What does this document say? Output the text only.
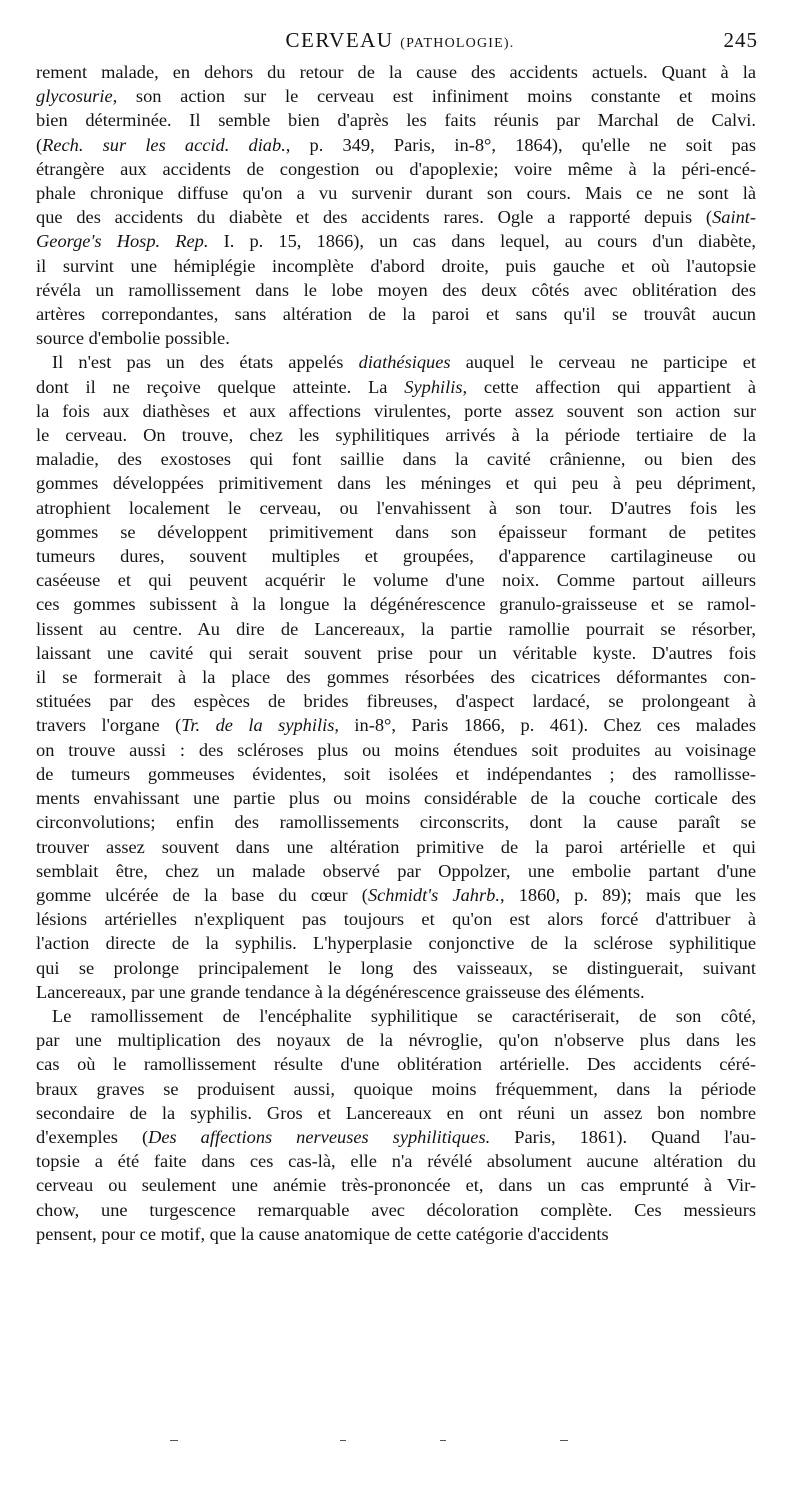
CERVEAU (PATHOLOGIE).	245
rement malade, en dehors du retour de la cause des accidents actuels. Quant à la
glycosurie, son action sur le cerveau est infiniment moins constante et moins
bien déterminée. Il semble bien d'après les faits réunis par Marchal de Calvi.
(Rech. sur les accid. diab., p. 349, Paris, in-8°, 1864), qu'elle ne soit pas
étrangère aux accidents de congestion ou d'apoplexie; voire même à la péri-encé-
phale chronique diffuse qu'on a vu survenir durant son cours. Mais ce ne sont là
que des accidents du diabète et des accidents rares. Ogle a rapporté depuis (Saint-
George's Hosp. Rep. I. p. 15, 1866), un cas dans lequel, au cours d'un diabète,
il survint une hémiplégie incomplète d'abord droite, puis gauche et où l'autopsie
révéla un ramollissement dans le lobe moyen des deux côtés avec oblitération des
artères correpondantes, sans altération de la paroi et sans qu'il se trouvât aucun
source d'embolie possible.
Il n'est pas un des états appelés diathésiques auquel le cerveau ne participe et
dont il ne reçoive quelque atteinte. La Syphilis, cette affection qui appartient à
la fois aux diathèses et aux affections virulentes, porte assez souvent son action sur
le cerveau. On trouve, chez les syphilitiques arrivés à la période tertiaire de la
maladie, des exostoses qui font saillie dans la cavité crânienne, ou bien des
gommes développées primitivement dans les méninges et qui peu à peu dépriment,
atrophient localement le cerveau, ou l'envahissent à son tour. D'autres fois les
gommes se développent primitivement dans son épaisseur formant de petites
tumeurs dures, souvent multiples et groupées, d'apparence cartilagineuse ou
caséeuse et qui peuvent acquérir le volume d'une noix. Comme partout ailleurs
ces gommes subissent à la longue la dégénérescence granulo-graisseuse et se ramol-
lissent au centre. Au dire de Lancereaux, la partie ramollie pourrait se résorber,
laissant une cavité qui serait souvent prise pour un véritable kyste. D'autres fois
il se formerait à la place des gommes résorbées des cicatrices déformantes con-
stituées par des espèces de brides fibreuses, d'aspect lardacé, se prolongeant à
travers l'organe (Tr. de la syphilis, in-8°, Paris 1866, p. 461). Chez ces malades
on trouve aussi : des scléroses plus ou moins étendues soit produites au voisinage
de tumeurs gommeuses évidentes, soit isolées et indépendantes ; des ramollisse-
ments envahissant une partie plus ou moins considérable de la couche corticale des
circonvolutions; enfin des ramollissements circonscrits, dont la cause paraît se
trouver assez souvent dans une altération primitive de la paroi artérielle et qui
semblait être, chez un malade observé par Oppolzer, une embolie partant d'une
gomme ulcérée de la base du cœur (Schmidt's Jahrb., 1860, p. 89); mais que les
lésions artérielles n'expliquent pas toujours et qu'on est alors forcé d'attribuer à
l'action directe de la syphilis. L'hyperplasie conjonctive de la sclérose syphilitique
qui se prolonge principalement le long des vaisseaux, se distinguerait, suivant
Lancereaux, par une grande tendance à la dégénérescence graisseuse des éléments.
Le ramollissement de l'encéphalite syphilitique se caractériserait, de son côté,
par une multiplication des noyaux de la névroglie, qu'on n'observe plus dans les
cas où le ramollissement résulte d'une oblitération artérielle. Des accidents céré-
braux graves se produisent aussi, quoique moins fréquemment, dans la période
secondaire de la syphilis. Gros et Lancereaux en ont réuni un assez bon nombre
d'exemples (Des affections nerveuses syphilitiques. Paris, 1861). Quand l'au-
topsie a été faite dans ces cas-là, elle n'a révélé absolument aucune altération du
cerveau ou seulement une anémie très-prononcée et, dans un cas emprunté à Vir-
chow, une turgescence remarquable avec décoloration complète. Ces messieurs
pensent, pour ce motif, que la cause anatomique de cette catégorie d'accidents
